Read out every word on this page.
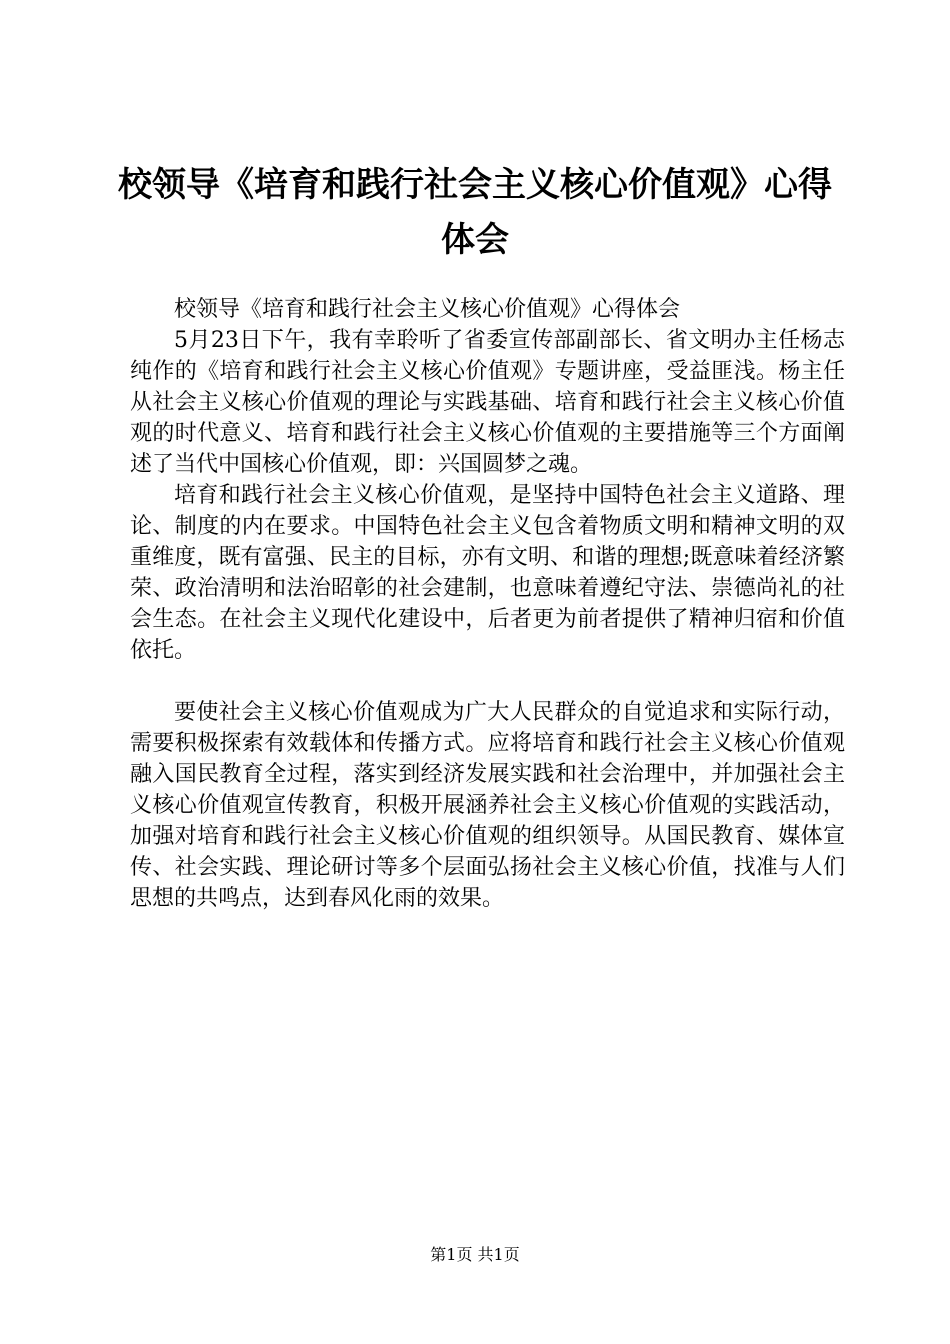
校领导《培育和践行社会主义核心价值观》心得体会

校领导《培育和践行社会主义核心价值观》心得体会

5月23日下午，我有幸聆听了省委宣传部副部长、省文明办主任杨志纯作的《培育和践行社会主义核心价值观》专题讲座，受益匪浅。杨主任从社会主义核心价值观的理论与实践基础、培育和践行社会主义核心价值观的时代意义、培育和践行社会主义核心价值观的主要措施等三个方面阐述了当代中国核心价值观，即：兴国圆梦之魂。

培育和践行社会主义核心价值观，是坚持中国特色社会主义道路、理论、制度的内在要求。中国特色社会主义包含着物质文明和精神文明的双重维度，既有富强、民主的目标，亦有文明、和谐的理想;既意味着经济繁荣、政治清明和法治昭彰的社会建制，也意味着遵纪守法、崇德尚礼的社会生态。在社会主义现代化建设中，后者更为前者提供了精神归宿和价值依托。

要使社会主义核心价值观成为广大人民群众的自觉追求和实际行动，需要积极探索有效载体和传播方式。应将培育和践行社会主义核心价值观融入国民教育全过程，落实到经济发展实践和社会治理中，并加强社会主义核心价值观宣传教育，积极开展涵养社会主义核心价值观的实践活动，加强对培育和践行社会主义核心价值观的组织领导。从国民教育、媒体宣传、社会实践、理论研讨等多个层面弘扬社会主义核心价值，找准与人们思想的共鸣点，达到春风化雨的效果。

第1页 共1页
